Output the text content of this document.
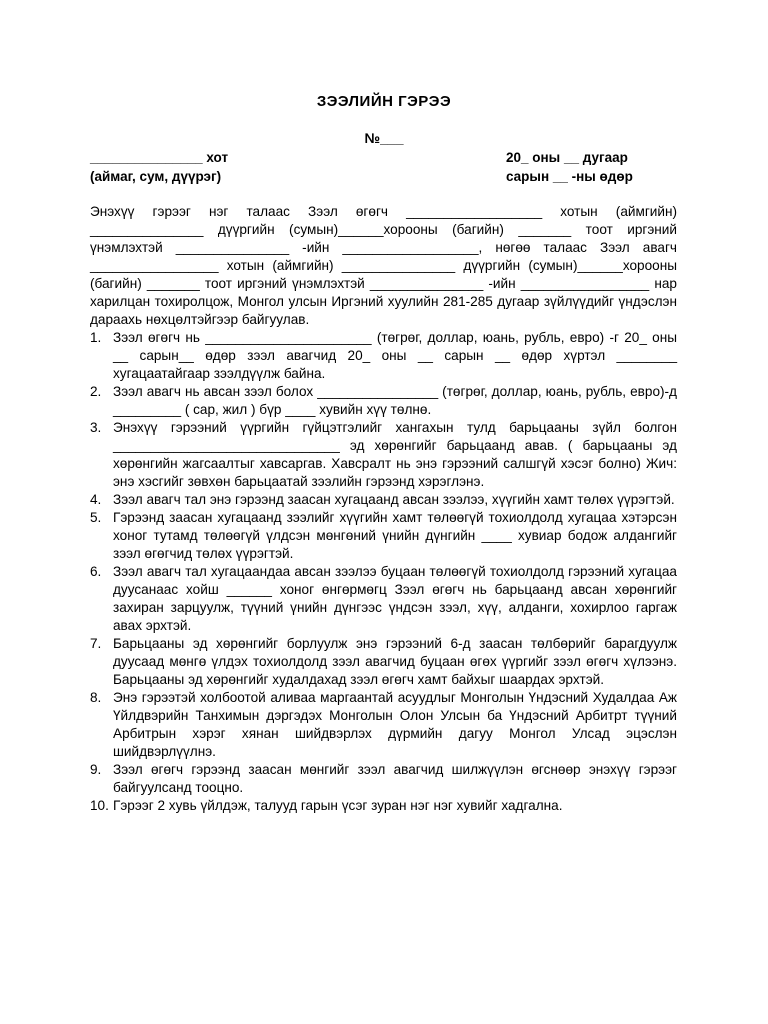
ЗЭЭЛИЙН ГЭРЭЭ
№___
_______________ хот
(аймаг, сум, дүүрэг)
20_ оны __ дугаар
сарын __ -ны өдөр

Энэхүү гэрээг нэг талаас Зээл өгөгч __________________ хотын (аймгийн) _______________ дүүргийн (сумын)______хорооны (багийн) _______ тоот иргэний үнэмлэхтэй _______________ -ийн __________________, нөгөө талаас Зээл авагч _________________ хотын (аймгийн) _______________ дүүргийн (сумын)______хорооны (багийн) _______ тоот иргэний үнэмлэхтэй _______________ -ийн _________________ нар харилцан тохиролцож, Монгол улсын Иргэний хуулийн 281-285 дугаар зүйлүүдийг үндэслэн дараахь нөхцөлтэйгээр байгуулав.

1. Зээл өгөгч нь ______________________ (төгрөг, доллар, юань, рубль, евро) -г 20_ оны __ сарын__ өдөр зээл авагчид 20_ оны __ сарын __ өдөр хүртэл ________ хугацаатайгаар зээлдүүлж байна.
2. Зээл авагч нь авсан зээл болох ________________ (төгрөг, доллар, юань, рубль, евро)-д _________ ( сар, жил ) бүр ____ хувийн хүү төлнө.
3. Энэхүү гэрээний үүргийн гүйцэтгэлийг хангахын тулд барьцааны зүйл болгон ______________________________ эд хөрөнгийг барьцаанд авав. ( барьцааны эд хөрөнгийн жагсаалтыг хавсаргав. Хавсралт нь энэ гэрээний салшгүй хэсэг болно) Жич: энэ хэсгийг зөвхөн барьцаатай зээлийн гэрээнд хэрэглэнэ.
4. Зээл авагч тал энэ гэрээнд заасан хугацаанд авсан зээлээ, хүүгийн хамт төлөх үүрэгтэй.
5. Гэрээнд заасан хугацаанд зээлийг хүүгийн хамт төлөөгүй тохиолдолд хугацаа хэтэрсэн хоног тутамд төлөөгүй үлдсэн мөнгөний үнийн дүнгийн ____ хувиар бодож алдангийг зээл өгөгчид төлөх үүрэгтэй.
6. Зээл авагч тал хугацаандаа авсан зээлээ буцаан төлөөгүй тохиолдолд гэрээний хугацаа дуусанаас хойш ______ хоног өнгөрмөгц Зээл өгөгч нь барьцаанд авсан хөрөнгийг захиран зарцуулж, түүний үнийн дүнгээс үндсэн зээл, хүү, алданги, хохирлоо гаргаж авах эрхтэй.
7. Барьцааны эд хөрөнгийг борлуулж энэ гэрээний 6-д заасан төлбөрийг барагдуулж дуусаад мөнгө үлдэх тохиолдолд зээл авагчид буцаан өгөх үүргийг зээл өгөгч хүлээнэ. Барьцааны эд хөрөнгийг худалдахад зээл өгөгч хамт байхыг шаардах эрхтэй.
8. Энэ гэрээтэй холбоотой аливаа маргаантай асуудлыг Монголын Үндэсний Худалдаа Аж Үйлдвэрийн Танхимын дэргэдэх Монголын Олон Улсын ба Үндэсний Арбитрт түүний Арбитрын хэрэг хянан шийдвэрлэх дүрмийн дагуу Монгол Улсад эцэслэн шийдвэрлүүлнэ.
9. Зээл өгөгч гэрээнд заасан мөнгийг зээл авагчид шилжүүлэн өгснөөр энэхүү гэрээг байгуулсанд тооцно.
10. Гэрээг 2 хувь үйлдэж, талууд гарын үсэг зуран нэг нэг хувийг хадгална.
